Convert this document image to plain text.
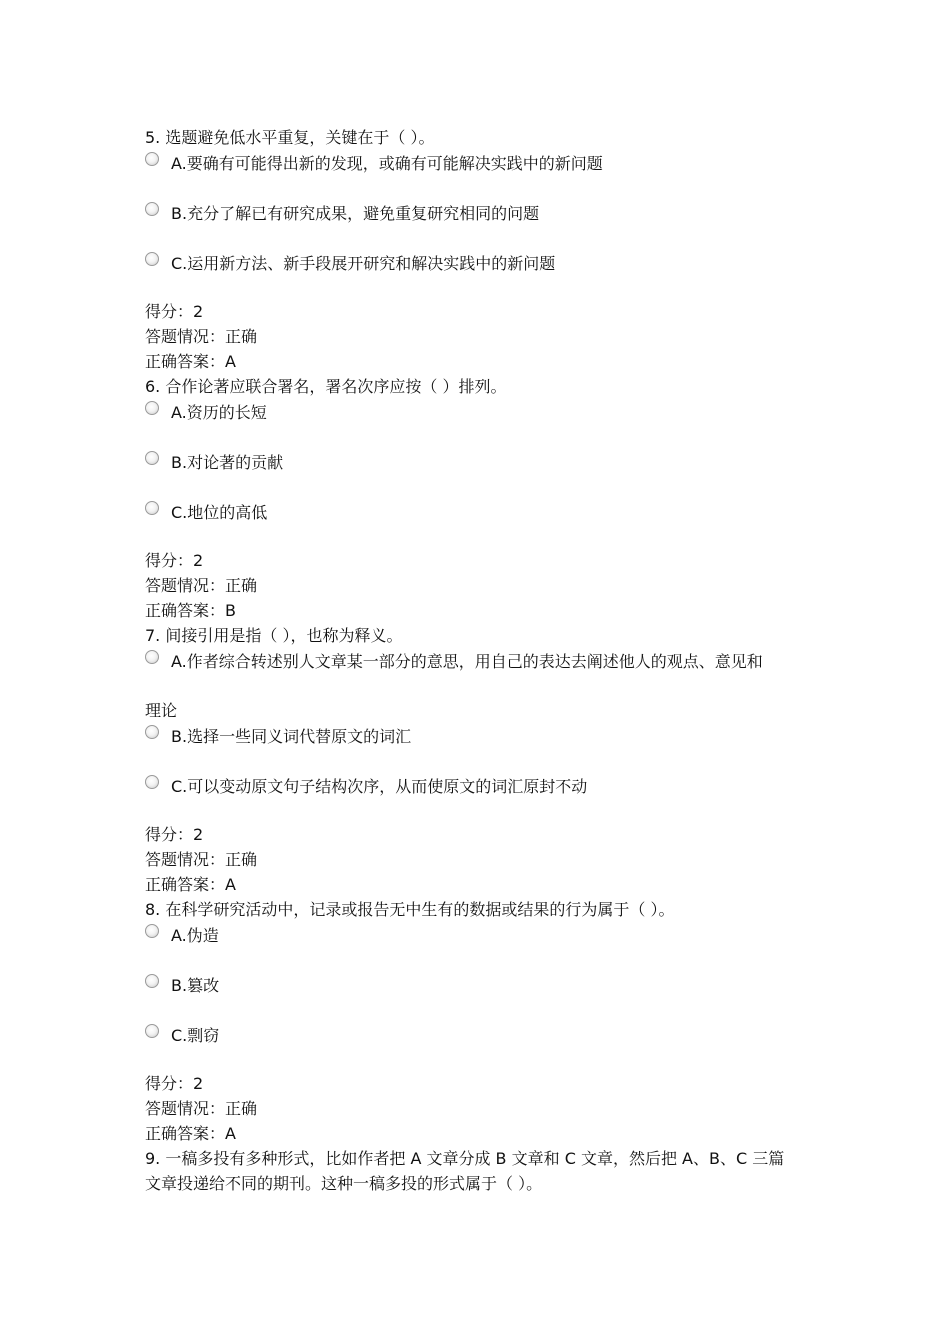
5. 选题避免低水平重复，关键在于（ ）。
A.要确有可能得出新的发现，或确有可能解决实践中的新问题
B.充分了解已有研究成果，避免重复研究相同的问题
C.运用新方法、新手段展开研究和解决实践中的新问题
得分：2
答题情况：正确
正确答案：A
6. 合作论著应联合署名，署名次序应按（ ）排列。
A.资历的长短
B.对论著的贡献
C.地位的高低
得分：2
答题情况：正确
正确答案：B
7. 间接引用是指（ ），也称为释义。
A.作者综合转述别人文章某一部分的意思，用自己的表达去阐述他人的观点、意见和
理论
B.选择一些同义词代替原文的词汇
C.可以变动原文句子结构次序，从而使原文的词汇原封不动
得分：2
答题情况：正确
正确答案：A
8. 在科学研究活动中，记录或报告无中生有的数据或结果的行为属于（ ）。
A.伪造
B.篡改
C.剽窃
得分：2
答题情况：正确
正确答案：A
9. 一稿多投有多种形式，比如作者把 A 文章分成 B 文章和 C 文章，然后把 A、B、C 三篇
文章投递给不同的期刊。这种一稿多投的形式属于（ ）。
